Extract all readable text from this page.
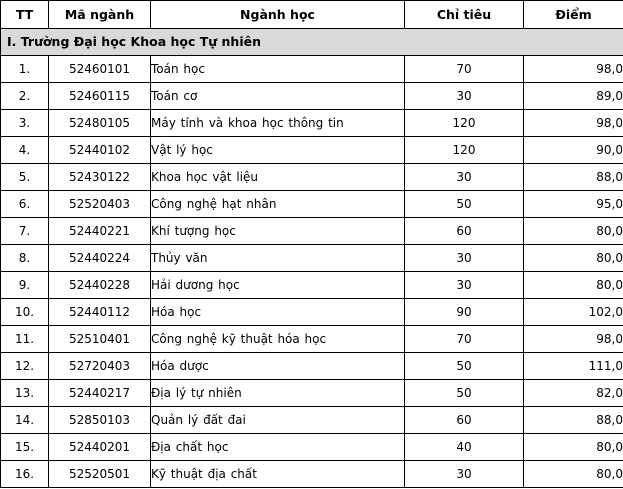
TT	Mã ngành	Ngành học	Chỉ tiêu	Điểm
I. Trường Đại học Khoa học Tự nhiên				
1.	52460101	Toán học	70	98,0
2.	52460115	Toán cơ	30	89,0
3.	52480105	Máy tính và khoa học thông tin	120	98,0
4.	52440102	Vật lý học	120	90,0
5.	52430122	Khoa học vật liệu	30	88,0
6.	52520403	Công nghệ hạt nhân	50	95,0
7.	52440221	Khí tượng học	60	80,0
8.	52440224	Thủy văn	30	80,0
9.	52440228	Hải dương học	30	80,0
10.	52440112	Hóa học	90	102,0
11.	52510401	Công nghệ kỹ thuật hóa học	70	98,0
12.	52720403	Hóa dược	50	111,0
13.	52440217	Địa lý tự nhiên	50	82,0
14.	52850103	Quản lý đất đai	60	88,0
15.	52440201	Địa chất học	40	80,0
16.	52520501	Kỹ thuật địa chất	30	80,0
